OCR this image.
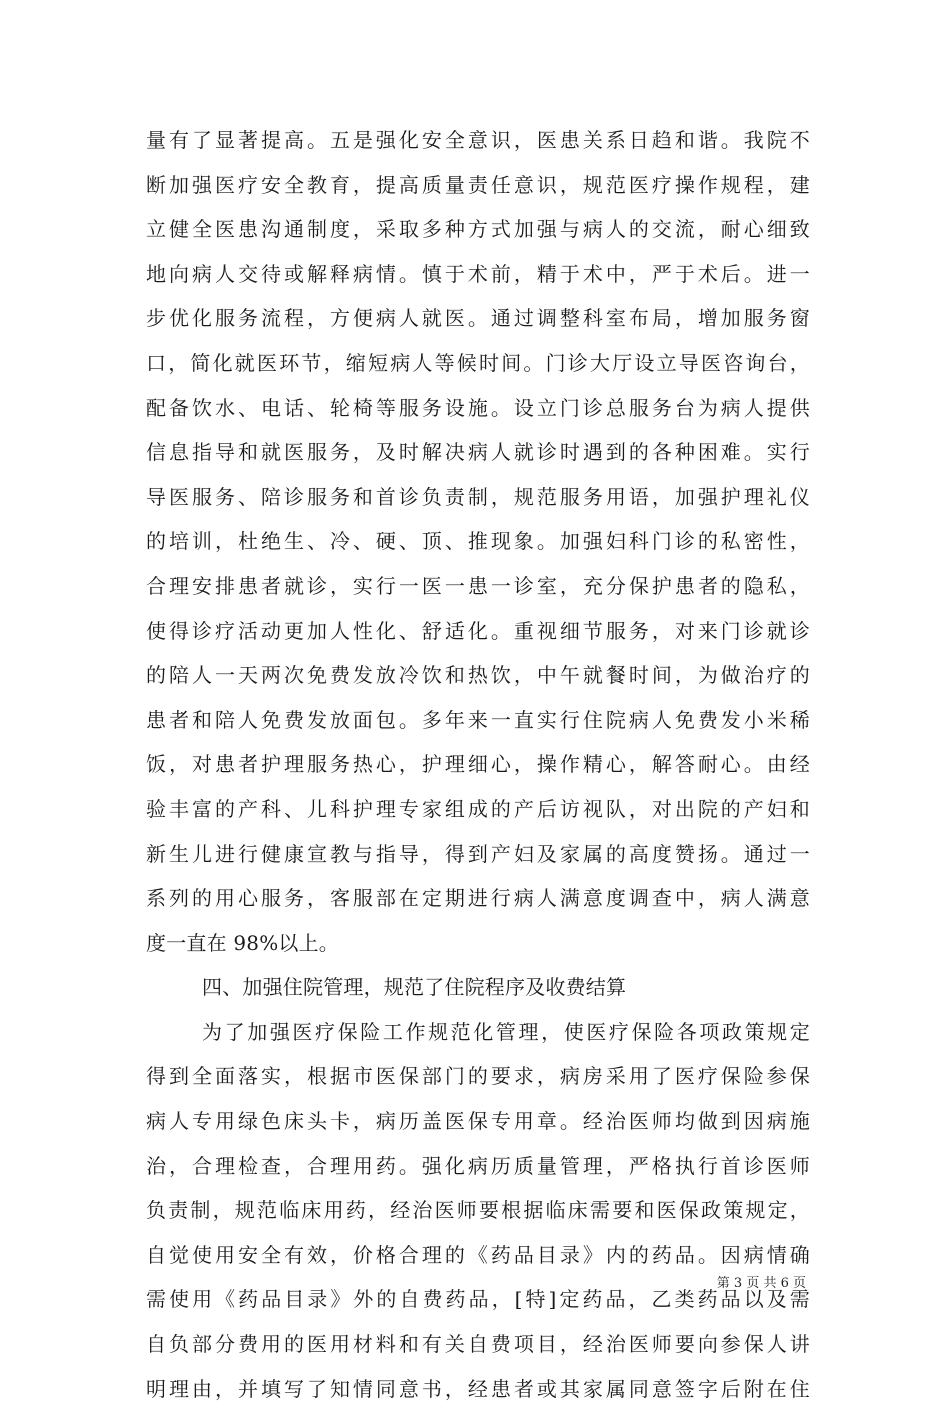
量有了显著提高。五是强化安全意识，医患关系日趋和谐。我院不
断加强医疗安全教育，提高质量责任意识，规范医疗操作规程，建
立健全医患沟通制度，采取多种方式加强与病人的交流，耐心细致
地向病人交待或解释病情。慎于术前，精于术中，严于术后。进一
步优化服务流程，方便病人就医。通过调整科室布局，增加服务窗
口，简化就医环节，缩短病人等候时间。门诊大厅设立导医咨询台，
配备饮水、电话、轮椅等服务设施。设立门诊总服务台为病人提供
信息指导和就医服务，及时解决病人就诊时遇到的各种困难。实行
导医服务、陪诊服务和首诊负责制，规范服务用语，加强护理礼仪
的培训，杜绝生、冷、硬、顶、推现象。加强妇科门诊的私密性，
合理安排患者就诊，实行一医一患一诊室，充分保护患者的隐私，
使得诊疗活动更加人性化、舒适化。重视细节服务，对来门诊就诊
的陪人一天两次免费发放冷饮和热饮，中午就餐时间，为做治疗的
患者和陪人免费发放面包。多年来一直实行住院病人免费发小米稀
饭，对患者护理服务热心，护理细心，操作精心，解答耐心。由经
验丰富的产科、儿科护理专家组成的产后访视队，对出院的产妇和
新生儿进行健康宣教与指导，得到产妇及家属的高度赞扬。通过一
系列的用心服务，客服部在定期进行病人满意度调查中，病人满意
度一直在 98%以上。
四、加强住院管理，规范了住院程序及收费结算
为了加强医疗保险工作规范化管理，使医疗保险各项政策规定
得到全面落实，根据市医保部门的要求，病房采用了医疗保险参保
病人专用绿色床头卡，病历盖医保专用章。经治医师均做到因病施
治，合理检查，合理用药。强化病历质量管理，严格执行首诊医师
负责制，规范临床用药，经治医师要根据临床需要和医保政策规定，
自觉使用安全有效，价格合理的《药品目录》内的药品。因病情确
需使用《药品目录》外的自费药品，[特]定药品，乙类药品以及需
自负部分费用的医用材料和有关自费项目，经治医师要向参保人讲
明理由，并填写了知情同意书，经患者或其家属同意签字后附在住
第 3 页 共 6 页
